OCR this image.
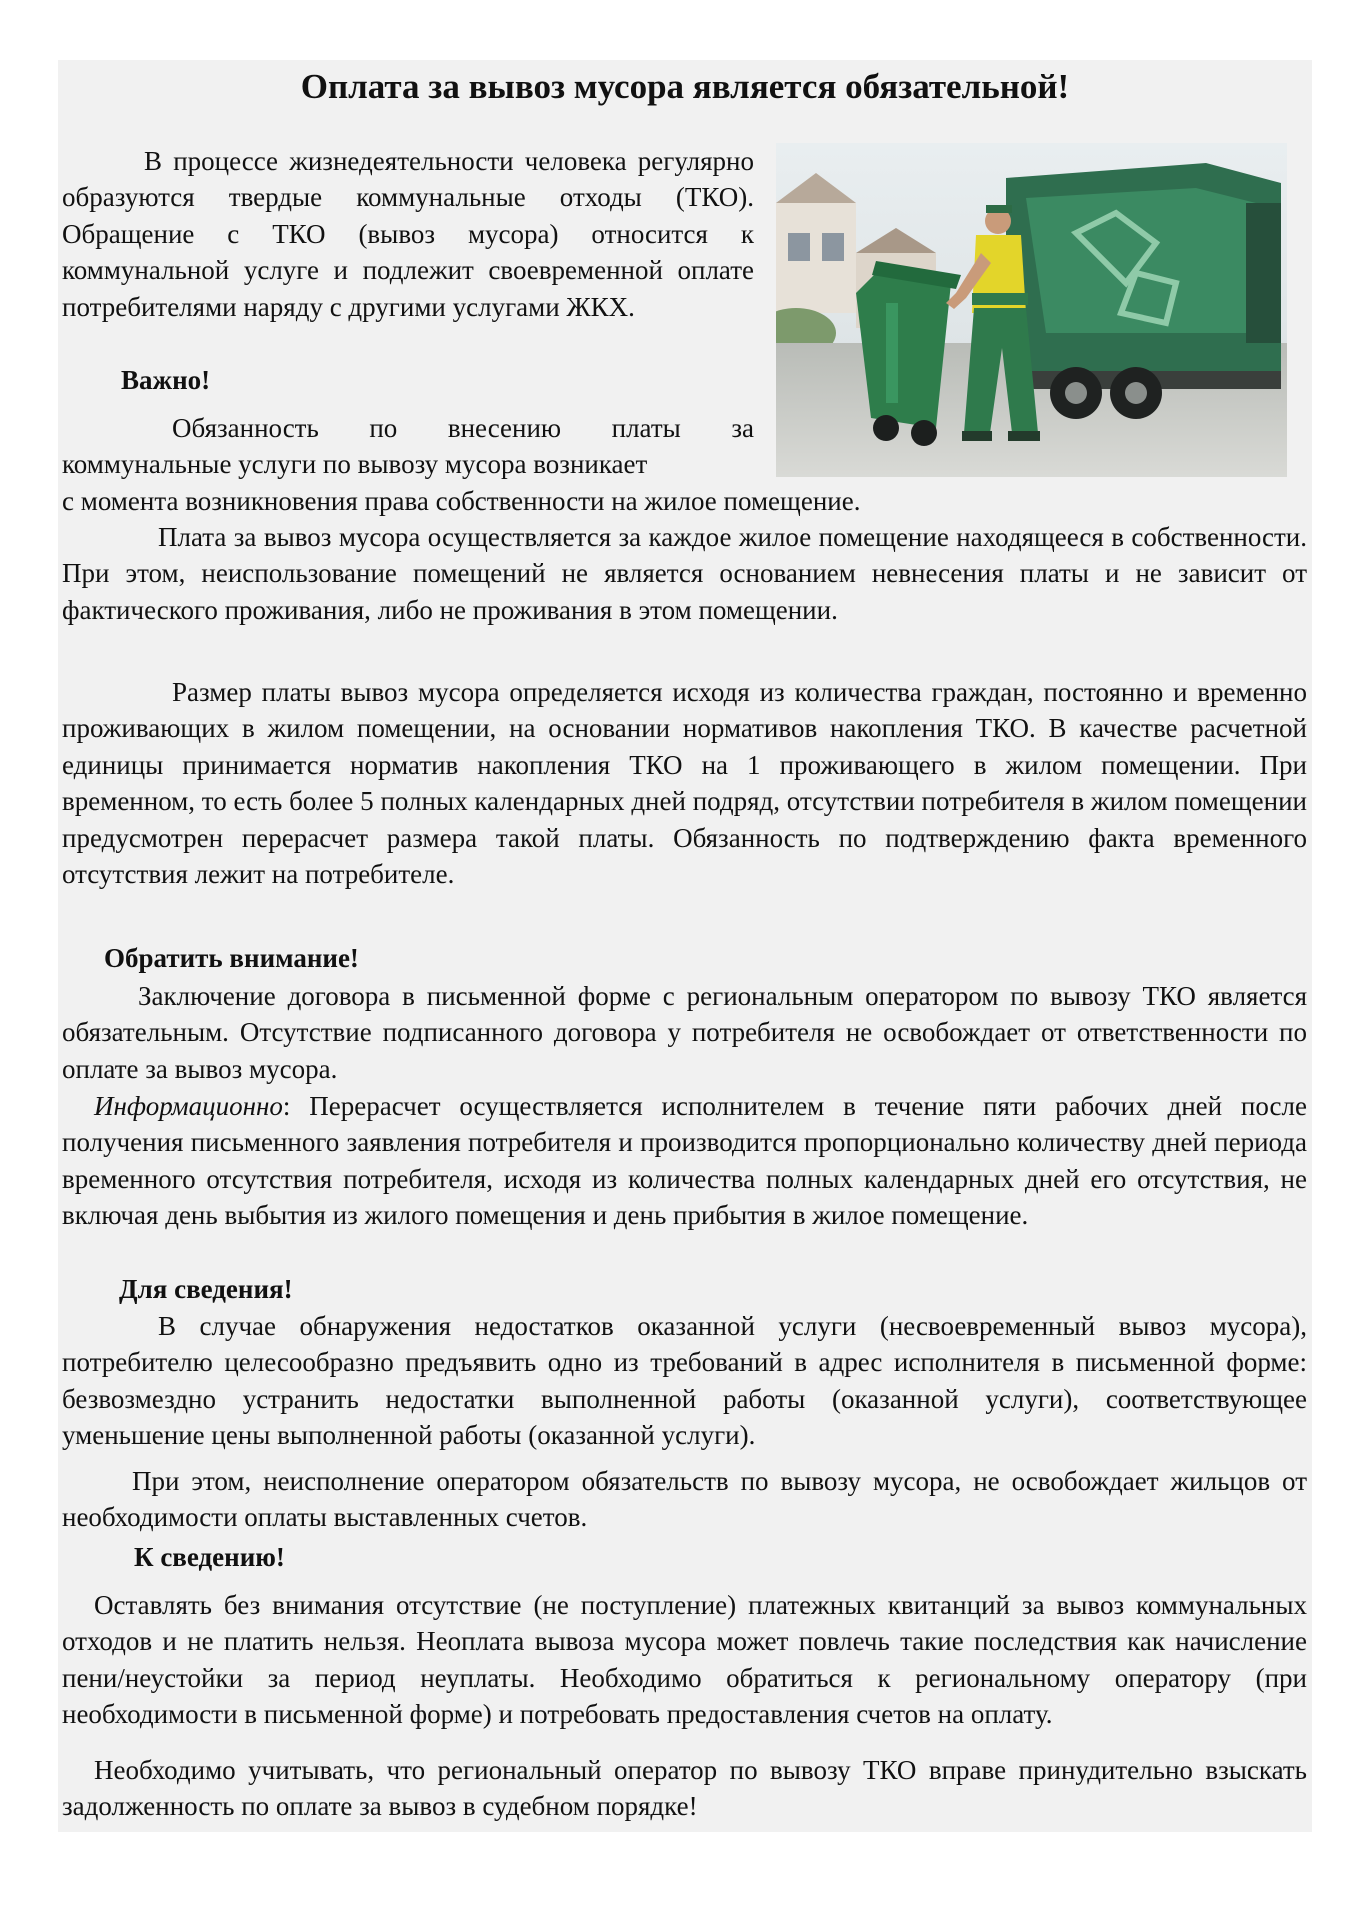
Оплата за вывоз мусора является обязательной!

В процессе жизнедеятельности человека регулярно образуются твердые коммунальные отходы (ТКО). Обращение с ТКО (вывоз мусора) относится к коммунальной услуге и подлежит своевременной оплате потребителями наряду с другими услугами ЖКХ.

Важно!

Обязанность по внесению платы за коммунальные услуги по вывозу мусора возникает

с момента возникновения права собственности на жилое помещение.

Плата за вывоз мусора осуществляется за каждое жилое помещение находящееся в собственности. При этом, неиспользование помещений не является основанием невнесения платы и не зависит от фактического проживания, либо не проживания в этом помещении.

Размер платы вывоз мусора определяется исходя из количества граждан, постоянно и временно проживающих в жилом помещении, на основании нормативов накопления ТКО. В качестве расчетной единицы принимается норматив накопления ТКО на 1 проживающего в жилом помещении. При временном, то есть более 5 полных календарных дней подряд, отсутствии потребителя в жилом помещении предусмотрен перерасчет размера такой платы. Обязанность по подтверждению факта временного отсутствия лежит на потребителе.

Обратить внимание!

Заключение договора в письменной форме с региональным оператором по вывозу ТКО является обязательным. Отсутствие подписанного договора у потребителя не освобождает от ответственности по оплате за вывоз мусора.

Информационно: Перерасчет осуществляется исполнителем в течение пяти рабочих дней после получения письменного заявления потребителя и производится пропорционально количеству дней периода временного отсутствия потребителя, исходя из количества полных календарных дней его отсутствия, не включая день выбытия из жилого помещения и день прибытия в жилое помещение.

Для сведения!

В случае обнаружения недостатков оказанной услуги (несвоевременный вывоз мусора), потребителю целесообразно предъявить одно из требований в адрес исполнителя в письменной форме: безвозмездно устранить недостатки выполненной работы (оказанной услуги), соответствующее уменьшение цены выполненной работы (оказанной услуги).

При этом, неисполнение оператором обязательств по вывозу мусора, не освобождает жильцов от необходимости оплаты выставленных счетов.

К сведению!

Оставлять без внимания отсутствие (не поступление) платежных квитанций за вывоз коммунальных отходов и не платить нельзя. Неоплата вывоза мусора может повлечь такие последствия как начисление пени/неустойки за период неуплаты. Необходимо обратиться к региональному оператору (при необходимости в письменной форме) и потребовать предоставления счетов на оплату.

Необходимо учитывать, что региональный оператор по вывозу ТКО вправе принудительно взыскать задолженность по оплате за вывоз в судебном порядке!
